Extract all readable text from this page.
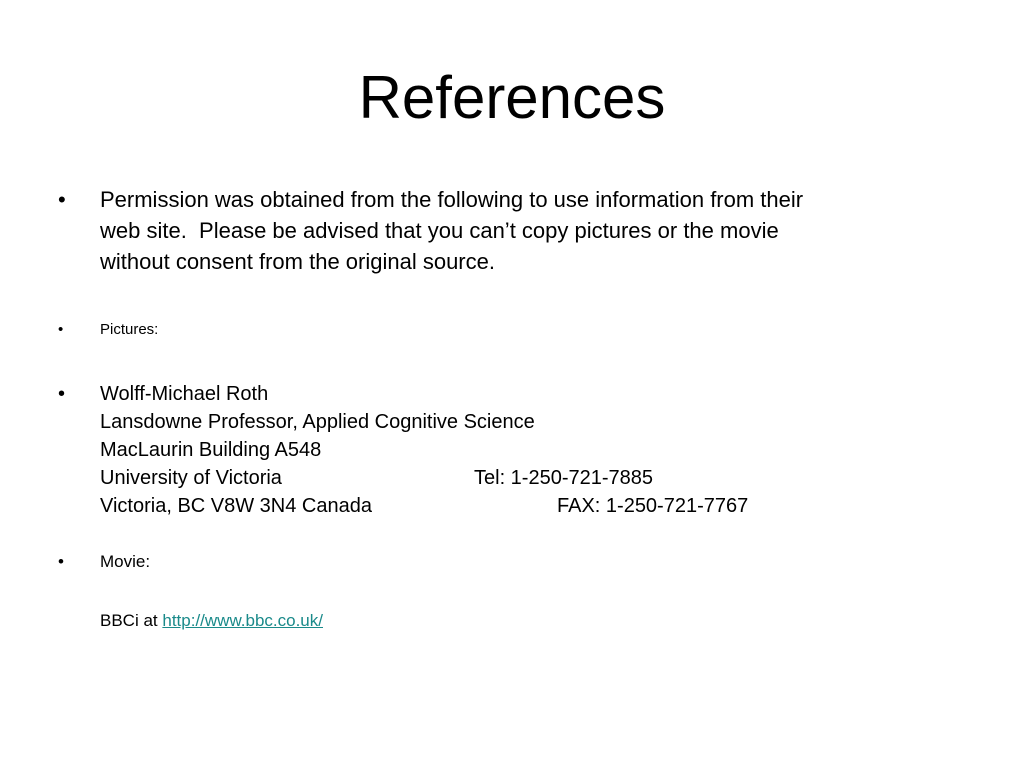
References
•	Permission was obtained from the following to use information from their
web site.  Please be advised that you can’t copy pictures or the movie
without consent from the original source.
•	Pictures:
•	Wolff-Michael Roth
Lansdowne Professor, Applied Cognitive Science
MacLaurin Building A548
University of Victoria	Tel: 1-250-721-7885
Victoria, BC V8W 3N4 Canada	FAX: 1-250-721-7767
•	Movie:
BBCi at http://www.bbc.co.uk/
